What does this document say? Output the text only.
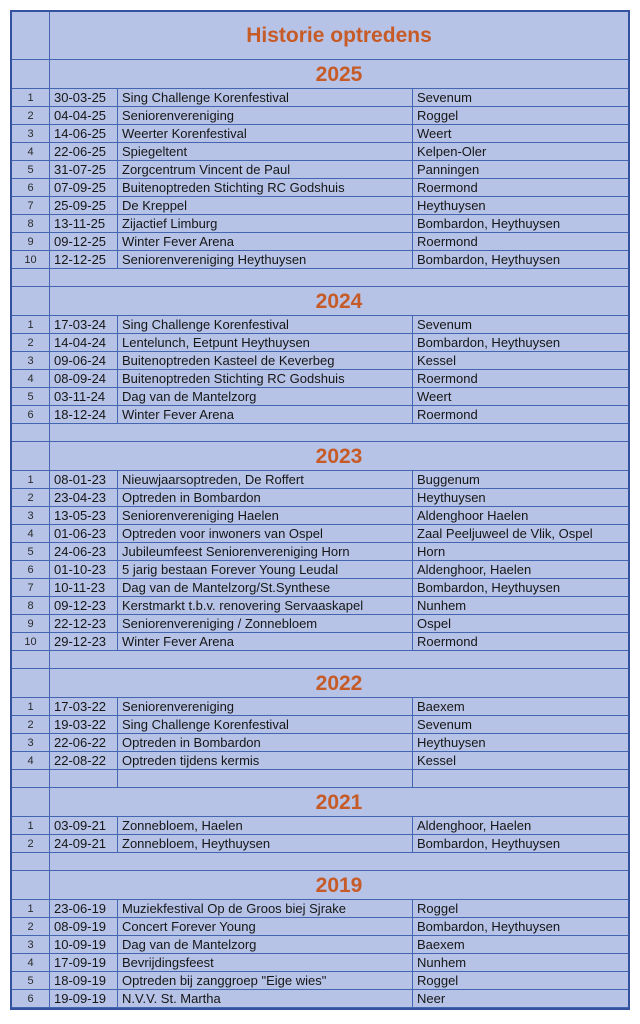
Historie optredens
2025
1	30-03-25	Sing Challenge Korenfestival	Sevenum
2	04-04-25	Seniorenvereniging	Roggel
3	14-06-25	Weerter Korenfestival	Weert
4	22-06-25	Spiegeltent	Kelpen-Oler
5	31-07-25	Zorgcentrum Vincent de Paul	Panningen
6	07-09-25	Buitenoptreden Stichting RC Godshuis	Roermond
7	25-09-25	De Kreppel	Heythuysen
8	13-11-25	Zijactief Limburg	Bombardon, Heythuysen
9	09-12-25	Winter Fever Arena	Roermond
10	12-12-25	Seniorenvereniging Heythuysen	Bombardon, Heythuysen
2024
1	17-03-24	Sing Challenge Korenfestival	Sevenum
2	14-04-24	Lentelunch, Eetpunt Heythuysen	Bombardon, Heythuysen
3	09-06-24	Buitenoptreden Kasteel de Keverbeg	Kessel
4	08-09-24	Buitenoptreden Stichting RC Godshuis	Roermond
5	03-11-24	Dag van de Mantelzorg	Weert
6	18-12-24	Winter Fever Arena	Roermond
2023
1	08-01-23	Nieuwjaarsoptreden, De Roffert	Buggenum
2	23-04-23	Optreden in Bombardon	Heythuysen
3	13-05-23	Seniorenvereniging Haelen	Aldenghoor Haelen
4	01-06-23	Optreden voor inwoners van Ospel	Zaal Peeljuweel de Vlik, Ospel
5	24-06-23	Jubileumfeest Seniorenvereniging Horn	Horn
6	01-10-23	5 jarig bestaan Forever Young Leudal	Aldenghoor, Haelen
7	10-11-23	Dag van de Mantelzorg/St.Synthese	Bombardon, Heythuysen
8	09-12-23	Kerstmarkt t.b.v. renovering Servaaskapel	Nunhem
9	22-12-23	Seniorenvereniging / Zonnebloem	Ospel
10	29-12-23	Winter Fever Arena	Roermond
2022
1	17-03-22	Seniorenvereniging	Baexem
2	19-03-22	Sing Challenge Korenfestival	Sevenum
3	22-06-22	Optreden in Bombardon	Heythuysen
4	22-08-22	Optreden tijdens kermis	Kessel
2021
1	03-09-21	Zonnebloem, Haelen	Aldenghoor, Haelen
2	24-09-21	Zonnebloem, Heythuysen	Bombardon, Heythuysen
2019
1	23-06-19	Muziekfestival Op de Groos biej Sjrake	Roggel
2	08-09-19	Concert Forever Young	Bombardon, Heythuysen
3	10-09-19	Dag van de Mantelzorg	Baexem
4	17-09-19	Bevrijdingsfeest	Nunhem
5	18-09-19	Optreden bij zanggroep "Eige wies"	Roggel
6	19-09-19	N.V.V. St. Martha	Neer
